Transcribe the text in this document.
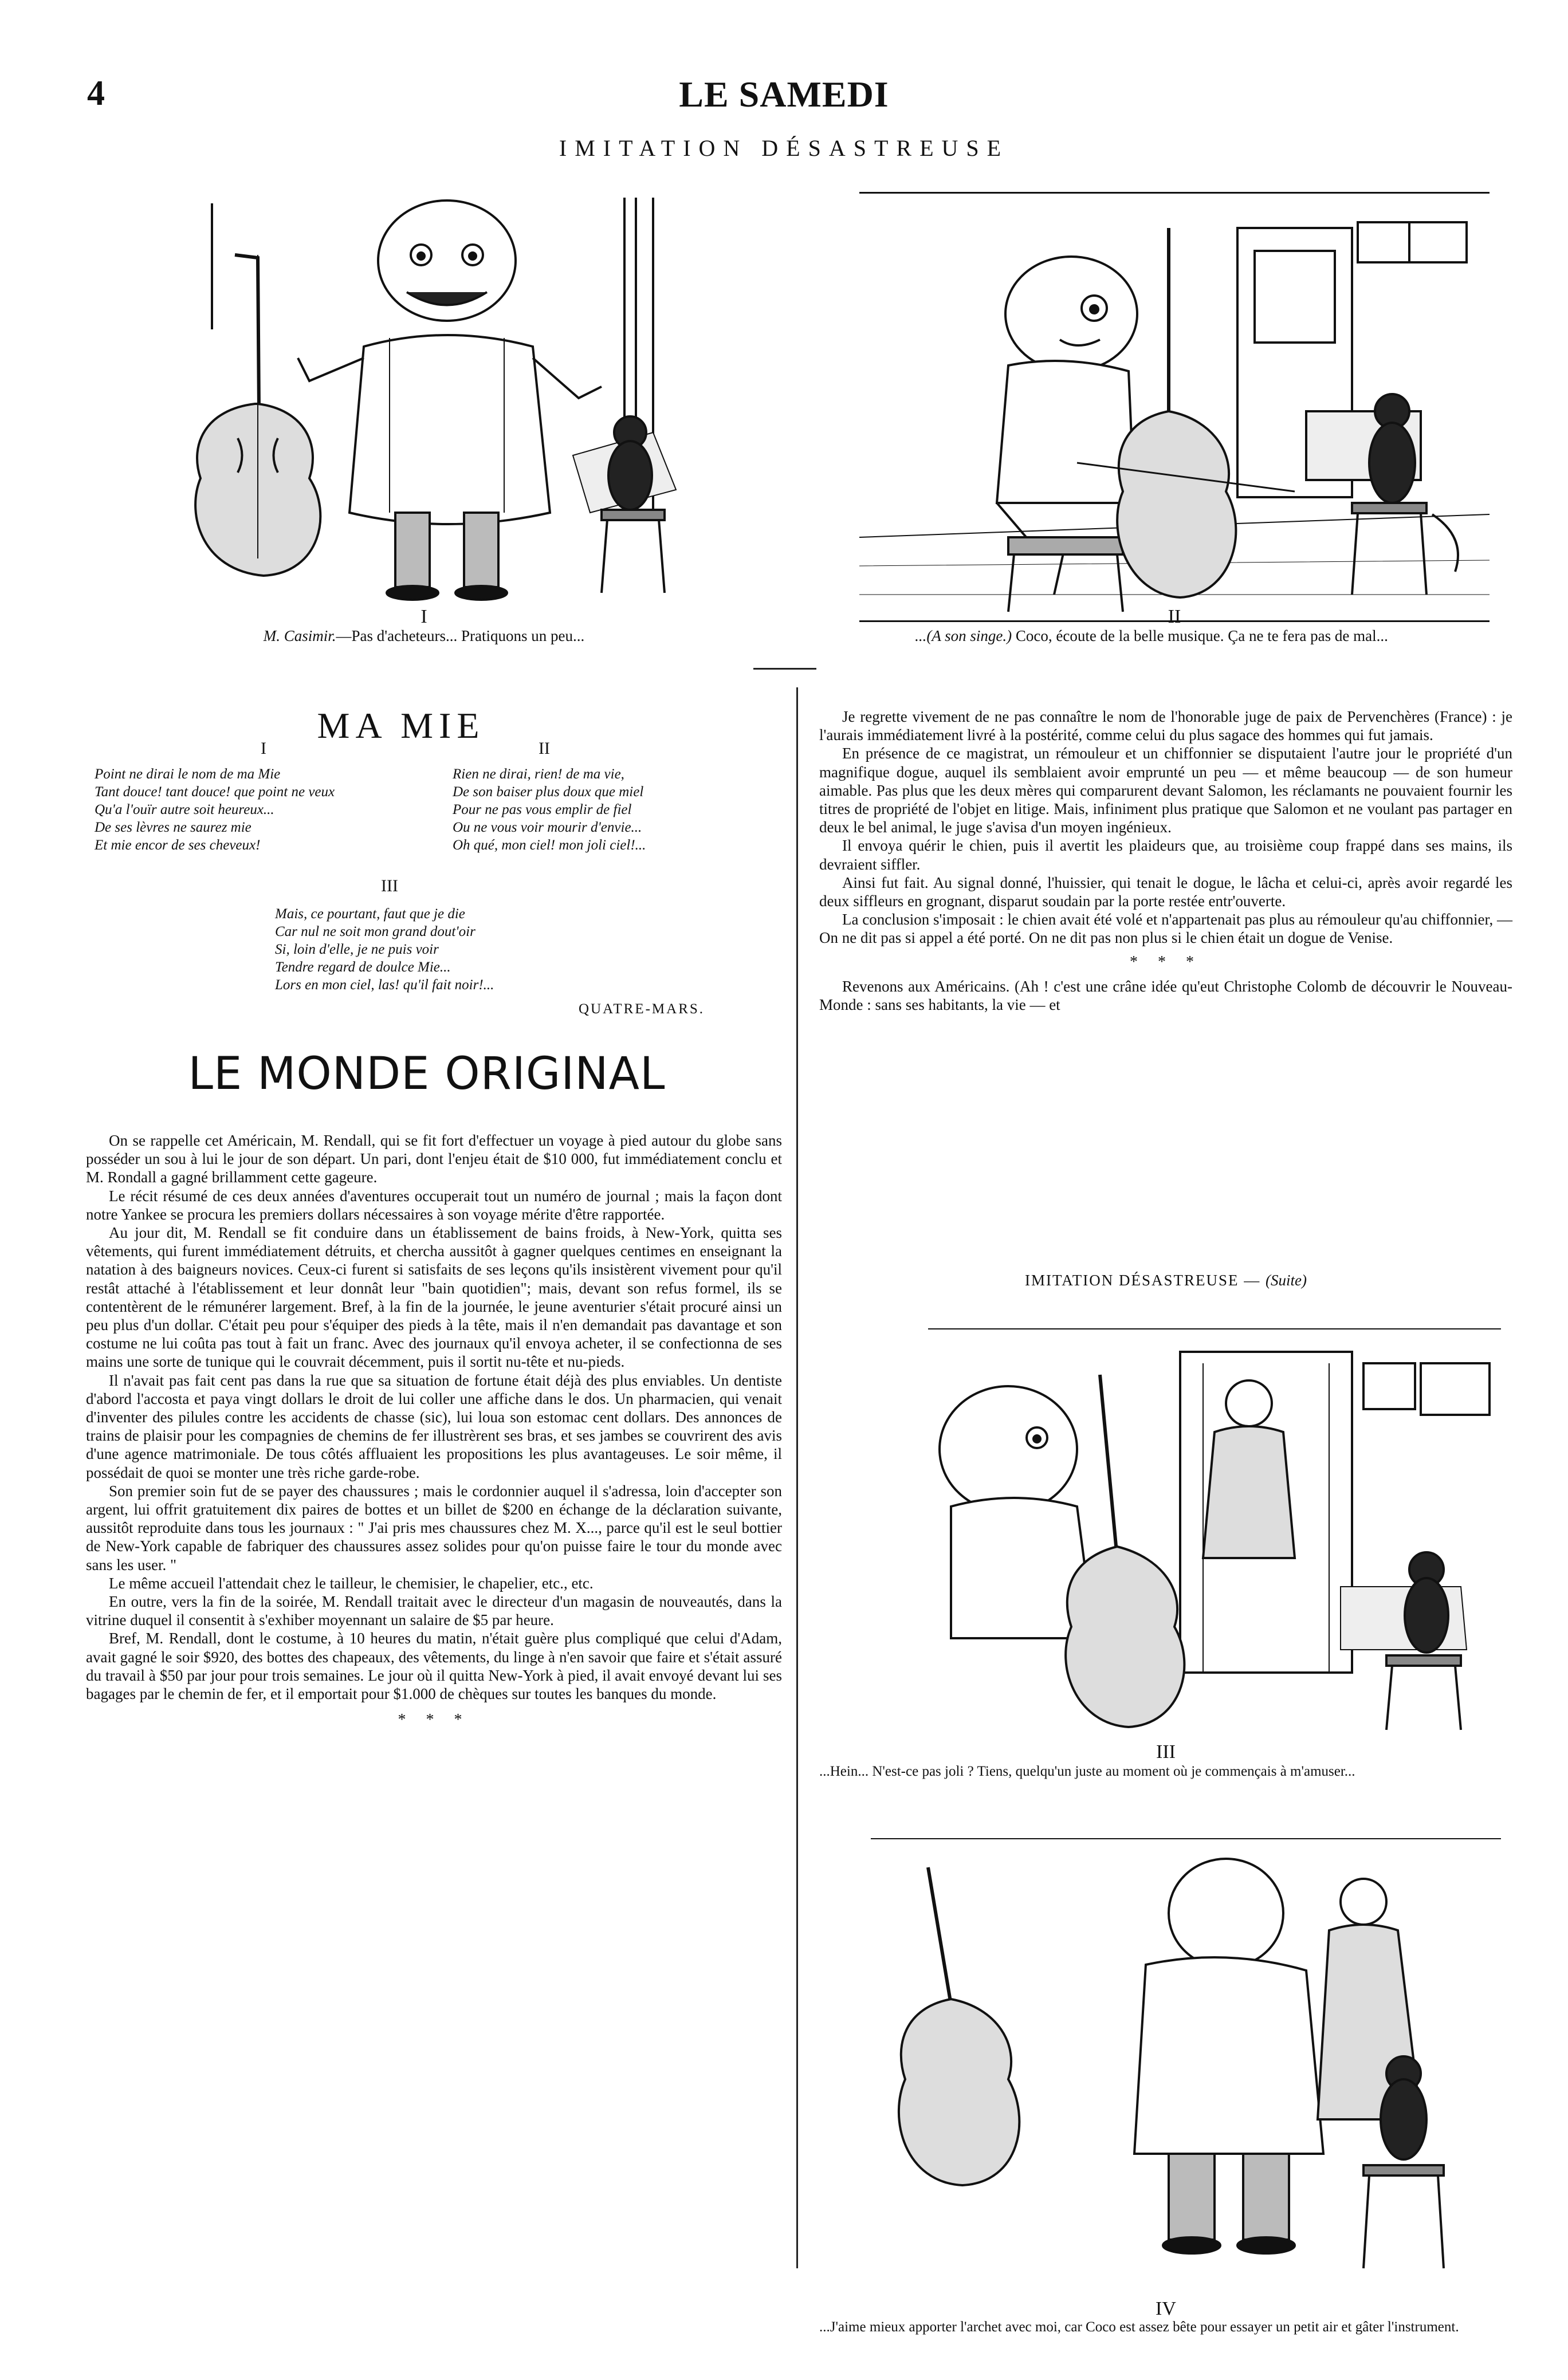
4	LE SAMEDI
IMITATION DÉSASTREUSE
I
M. Casimir.—Pas d'acheteurs... Pratiquons un peu...
II
...(A son singe.) Coco, écoute de la belle musique. Ça ne te fera pas de mal...
MA MIE
I	II
Point ne dirai le nom de ma Mie
Tant douce! tant douce! que point ne veux
Qu'a l'ouïr autre soit heureux...
De ses lèvres ne saurez mie
Et mie encor de ses cheveux!
Rien ne dirai, rien! de ma vie,
De son baiser plus doux que miel
Pour ne pas vous emplir de fiel
Ou ne vous voir mourir d'envie...
Oh qué, mon ciel! mon joli ciel!...
III
Mais, ce pourtant, faut que je die
Car nul ne soit mon grand dout'oir
Si, loin d'elle, je ne puis voir
Tendre regard de doulce Mie...
Lors en mon ciel, las! qu'il fait noir!...
QUATRE-MARS.
LE MONDE ORIGINAL

On se rappelle cet Américain, M. Rendall, qui se fit fort d'effectuer un voyage à pied autour du globe sans posséder un sou à lui le jour de son départ. Un pari, dont l'enjeu était de $10 000, fut immédiatement conclu et M. Rondall a gagné brillamment cette gageure.

Le récit résumé de ces deux années d'aventures occuperait tout un numéro de journal ; mais la façon dont notre Yankee se procura les premiers dollars nécessaires à son voyage mérite d'être rapportée.

Au jour dit, M. Rendall se fit conduire dans un établissement de bains froids, à New-York, quitta ses vêtements, qui furent immédiatement détruits, et chercha aussitôt à gagner quelques centimes en enseignant la natation à des baigneurs novices. Ceux-ci furent si satisfaits de ses leçons qu'ils insistèrent vivement pour qu'il restât attaché à l'établissement et leur donnât leur "bain quotidien"; mais, devant son refus formel, ils se contentèrent de le rémunérer largement. Bref, à la fin de la journée, le jeune aventurier s'était procuré ainsi un peu plus d'un dollar. C'était peu pour s'équiper des pieds à la tête, mais il n'en demandait pas davantage et son costume ne lui coûta pas tout à fait un franc. Avec des journaux qu'il envoya acheter, il se confectionna de ses mains une sorte de tunique qui le couvrait décemment, puis il sortit nu-tête et nu-pieds.

Il n'avait pas fait cent pas dans la rue que sa situation de fortune était déjà des plus enviables. Un dentiste d'abord l'accosta et paya vingt dollars le droit de lui coller une affiche dans le dos. Un pharmacien, qui venait d'inventer des pilules contre les accidents de chasse (sic), lui loua son estomac cent dollars. Des annonces de trains de plaisir pour les compagnies de chemins de fer illustrèrent ses bras, et ses jambes se couvrirent des avis d'une agence matrimoniale. De tous côtés affluaient les propositions les plus avantageuses. Le soir même, il possédait de quoi se monter une très riche garde-robe.

Son premier soin fut de se payer des chaussures ; mais le cordonnier auquel il s'adressa, loin d'accepter son argent, lui offrit gratuitement dix paires de bottes et un billet de $200 en échange de la déclaration suivante, aussitôt reproduite dans tous les journaux : " J'ai pris mes chaussures chez M. X..., parce qu'il est le seul bottier de New-York capable de fabriquer des chaussures assez solides pour qu'on puisse faire le tour du monde avec sans les user. "

Le même accueil l'attendait chez le tailleur, le chemisier, le chapelier, etc., etc.

En outre, vers la fin de la soirée, M. Rendall traitait avec le directeur d'un magasin de nouveautés, dans la vitrine duquel il consentit à s'exhiber moyennant un salaire de $5 par heure.

Bref, M. Rendall, dont le costume, à 10 heures du matin, n'était guère plus compliqué que celui d'Adam, avait gagné le soir $920, des bottes des chapeaux, des vêtements, du linge à n'en savoir que faire et s'était assuré du travail à $50 par jour pour trois semaines. Le jour où il quitta New-York à pied, il avait envoyé devant lui ses bagages par le chemin de fer, et il emportait pour $1.000 de chèques sur toutes les banques du monde.

* * *

Je regrette vivement de ne pas connaître le nom de l'honorable juge de paix de Pervenchères (France) : je l'aurais immédiatement livré à la postérité, comme celui du plus sagace des hommes qui fut jamais.

En présence de ce magistrat, un rémouleur et un chiffonnier se disputaient l'autre jour le propriété d'un magnifique dogue, auquel ils semblaient avoir emprunté un peu — et même beaucoup — de son humeur aimable. Pas plus que les deux mères qui comparurent devant Salomon, les réclamants ne pouvaient fournir les titres de propriété de l'objet en litige. Mais, infiniment plus pratique que Salomon et ne voulant pas partager en deux le bel animal, le juge s'avisa d'un moyen ingénieux.

Il envoya quérir le chien, puis il avertit les plaideurs que, au troisième coup frappé dans ses mains, ils devraient siffler.

Ainsi fut fait. Au signal donné, l'huissier, qui tenait le dogue, le lâcha et celui-ci, après avoir regardé les deux siffleurs en grognant, disparut soudain par la porte restée entr'ouverte.

La conclusion s'imposait : le chien avait été volé et n'appartenait pas plus au rémouleur qu'au chiffonnier, — On ne dit pas si appel a été porté. On ne dit pas non plus si le chien était un dogue de Venise.

* * *

Revenons aux Américains. (Ah ! c'est une crâne idée qu'eut Christophe Colomb de découvrir le Nouveau-Monde : sans ses habitants, la vie — et

IMITATION DÉSASTREUSE — (Suite)
III
...Hein... N'est-ce pas joli ? Tiens, quelqu'un juste au moment où je commençais à m'amuser...
IV
...J'aime mieux apporter l'archet avec moi, car Coco est assez bête pour essayer un petit air et gâter l'instrument.
